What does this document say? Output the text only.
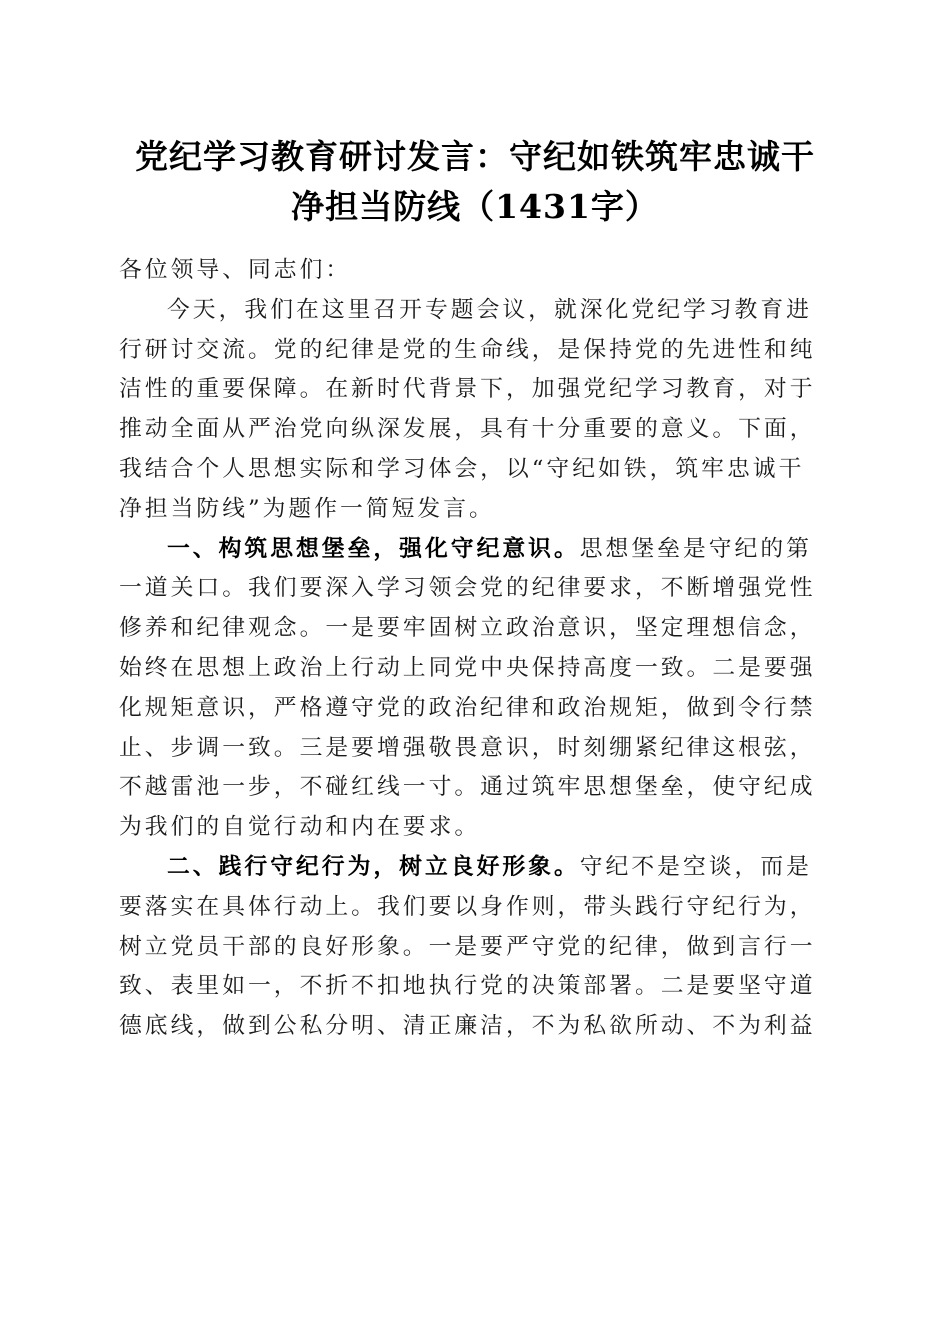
党纪学习教育研讨发言：守纪如铁筑牢忠诚干
净担当防线（1431字）
各位领导、同志们：
今天，我们在这里召开专题会议，就深化党纪学习教育进
行研讨交流。党的纪律是党的生命线，是保持党的先进性和纯
洁性的重要保障。在新时代背景下，加强党纪学习教育，对于
推动全面从严治党向纵深发展，具有十分重要的意义。下面，
我结合个人思想实际和学习体会，以“守纪如铁，筑牢忠诚干
净担当防线”为题作一简短发言。
一、构筑思想堡垒，强化守纪意识。思想堡垒是守纪的第
一道关口。我们要深入学习领会党的纪律要求，不断增强党性
修养和纪律观念。一是要牢固树立政治意识，坚定理想信念，
始终在思想上政治上行动上同党中央保持高度一致。二是要强
化规矩意识，严格遵守党的政治纪律和政治规矩，做到令行禁
止、步调一致。三是要增强敬畏意识，时刻绷紧纪律这根弦，
不越雷池一步，不碰红线一寸。通过筑牢思想堡垒，使守纪成
为我们的自觉行动和内在要求。
二、践行守纪行为，树立良好形象。守纪不是空谈，而是
要落实在具体行动上。我们要以身作则，带头践行守纪行为，
树立党员干部的良好形象。一是要严守党的纪律，做到言行一
致、表里如一，不折不扣地执行党的决策部署。二是要坚守道
德底线，做到公私分明、清正廉洁，不为私欲所动、不为利益
